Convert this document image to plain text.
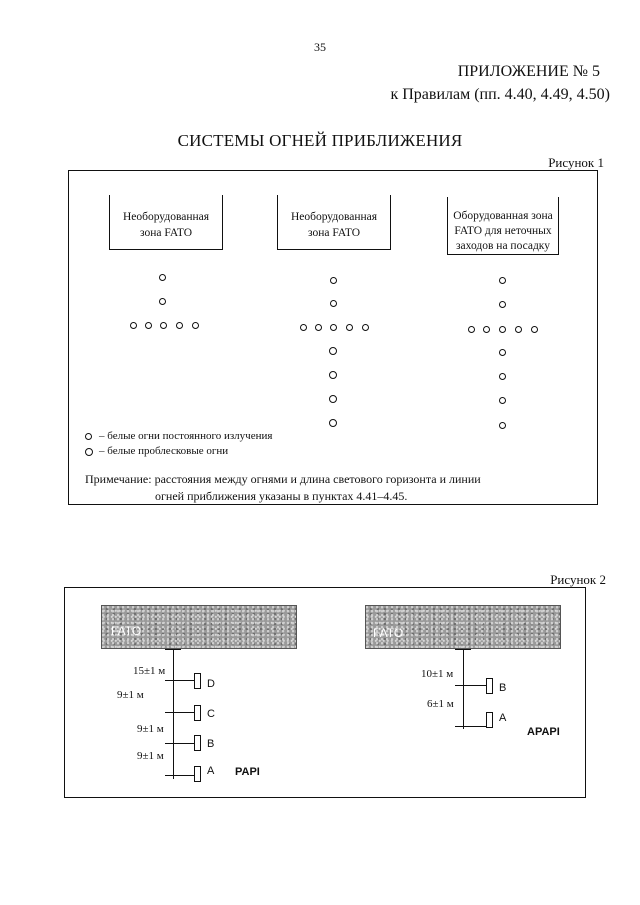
35
ПРИЛОЖЕНИЕ № 5
к Правилам (пп. 4.40, 4.49, 4.50)
СИСТЕМЫ ОГНЕЙ ПРИБЛИЖЕНИЯ
Рисунок 1
Необорудованная
зона FATO
Необорудованная
зона FATO
Оборудованная зона
FATO для неточных
заходов на посадку
– белые огни постоянного излучения
– белые проблесковые огни
Примечание: расстояния между огнями и длина светового горизонта и линии
огней приближения указаны в пунктах 4.41–4.45.
Рисунок 2
FATO
D
C
B
A
15±1 м
9±1 м
9±1 м
9±1 м
PAPI
FATO
B
A
10±1 м
6±1 м
APAPI
